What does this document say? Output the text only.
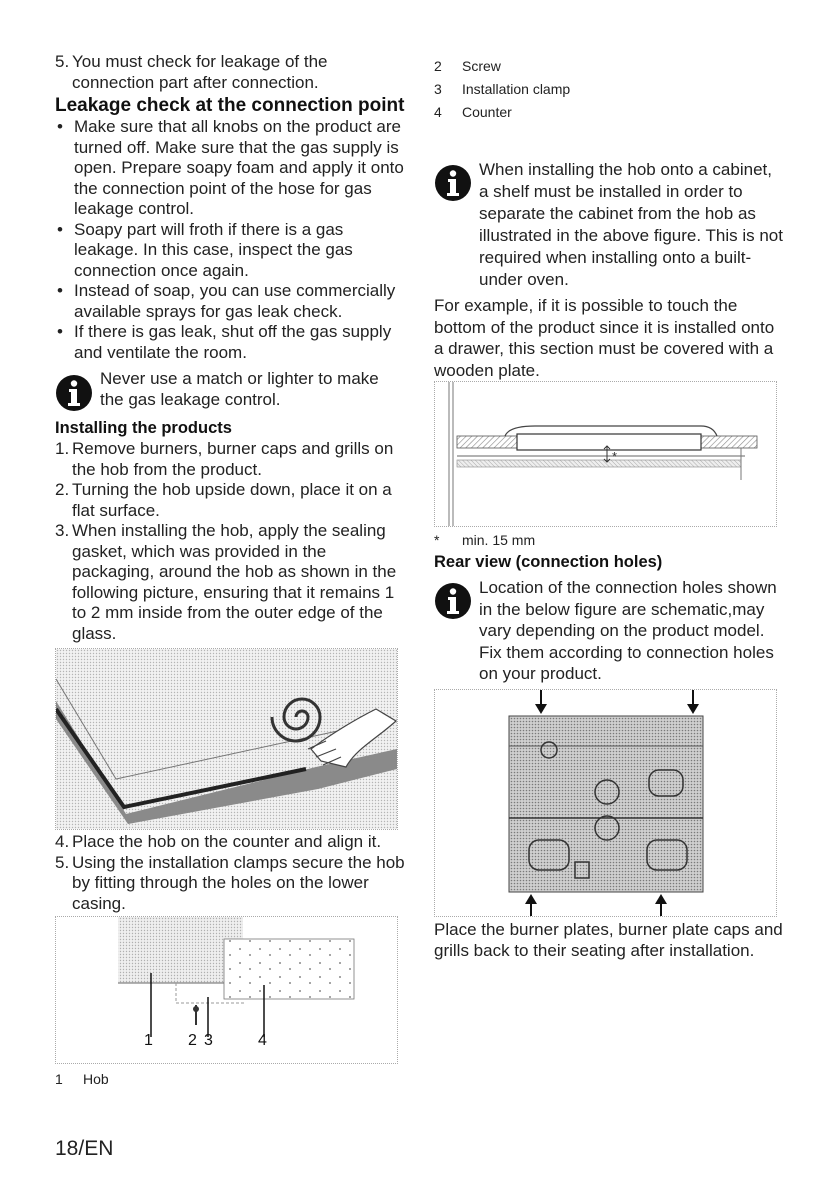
5. You must check for leakage of the connection part after connection.
Leakage check at the connection point
• Make sure that all knobs on the product are turned off. Make sure that the gas supply is open. Prepare soapy foam and apply it onto the connection point of the hose for gas leakage control.
• Soapy part will froth if there is a gas leakage. In this case, inspect the gas connection once again.
• Instead of soap, you can use commercially available sprays for gas leak check.
• If there is gas leak, shut off the gas supply and ventilate the room.
Never use a match or lighter to make the gas leakage control.
Installing the products
1. Remove burners, burner caps and grills on the hob from the product.
2. Turning the hob upside down, place it on a flat surface.
3. When installing the hob, apply the sealing gasket, which was provided in the packaging, around the hob as shown in the following picture, ensuring that it remains 1 to 2 mm inside from the outer edge of the glass.
4. Place the hob on the counter and align it.
5. Using the installation clamps secure the hob by fitting through the holes on the lower casing.
1 2 3	4
1	Hob
2	Screw
3	Installation clamp
4	Counter
When installing the hob onto a cabinet, a shelf must be installed in order to separate the cabinet from the hob as illustrated in the above figure. This is not required when installing onto a built-under oven.

For example, if it is possible to touch the bottom of the product since it is installed onto a drawer, this section must be covered with a wooden plate.

*
*	min. 15 mm
Rear view (connection holes)
Location of the connection holes shown in the below figure are schematic,may vary depending on the product model. Fix them according to connection holes on your product.

Place the burner plates, burner plate caps and grills back to their seating after installation.

18/EN
